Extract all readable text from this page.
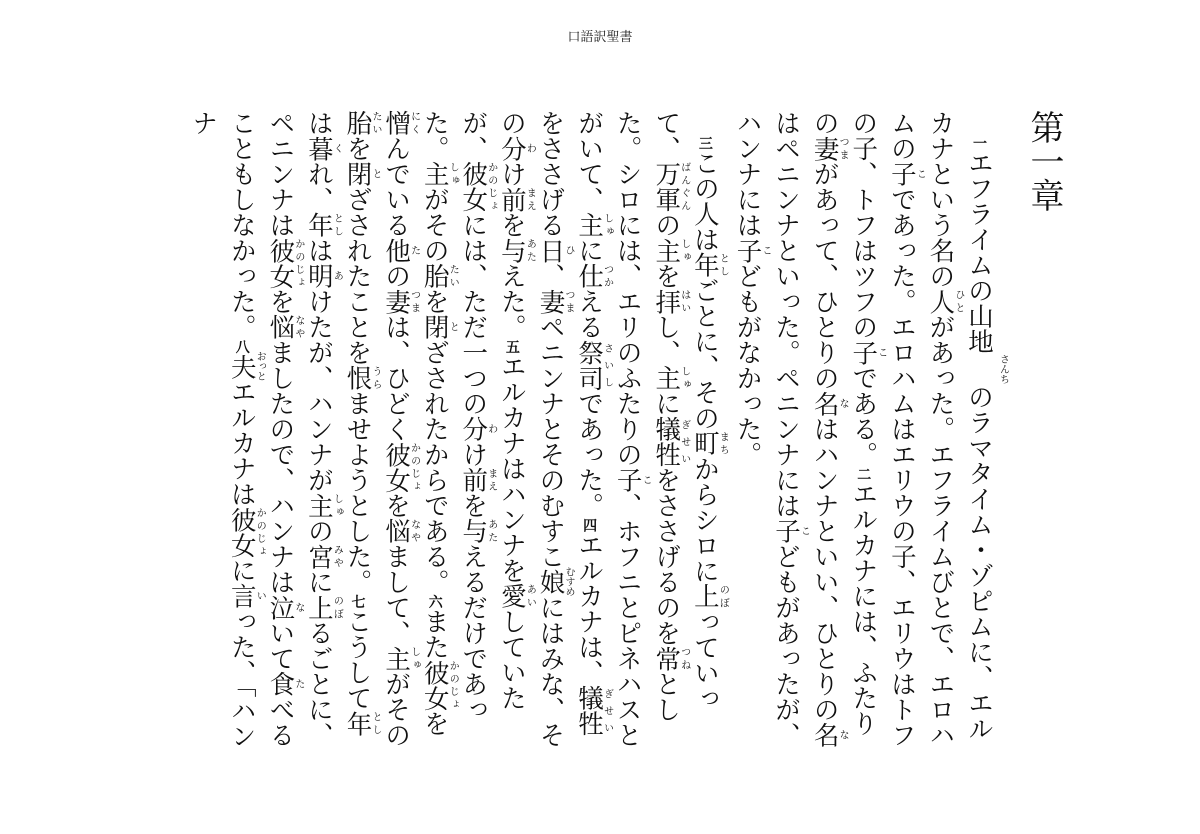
口語訳聖書
第一章

一エフライムの山地さんちのラマタイム・ゾピムに、エルカナという名の人ひとがあった。エフライムびとで、エロハムの子こであった。エロハムはエリウの子、エリウはトフの子、トフはツフの子こである。二エルカナには、ふたりの妻つまがあって、ひとりの名なはハンナといい、ひとりの名なはペニンナといった。ペニンナには子こどもがあったが、ハンナには子こどもがなかった。

三この人は年としごとに、その町まちからシロに上のぼっていって、万軍ばんぐんの主しゅを拝はいし、主しゅに犠牲ぎせいをささげるのを常つねとした。シロには、エリのふたりの子こ、ホフニとピネハスとがいて、主しゅに仕つかえる祭司さいしであった。四エルカナは、犠牲ぎせいをささげる日ひ、妻つまペニンナとそのむすこ娘むすめにはみな、その分わけ前まえを与あたえた。五エルカナはハンナを愛あいしていたが、彼女かのじょには、ただ一つの分わけ前まえを与あたえるだけであった。主しゅがその胎たいを閉とざされたからである。六また彼女かのじょを憎にくんでいる他たの妻つまは、ひどく彼女かのじょを悩なやまして、主しゅがその胎たいを閉とざされたことを恨うらませようとした。七こうして年としは暮くれ、年としは明あけたが、ハンナが主しゅの宮みやに上のぼるごとに、ペニンナは彼女かのじょを悩なやましたので、ハンナは泣ないて食たべることもしなかった。八夫おっとエルカナは彼女かのじょに言いった、「ハンナ
